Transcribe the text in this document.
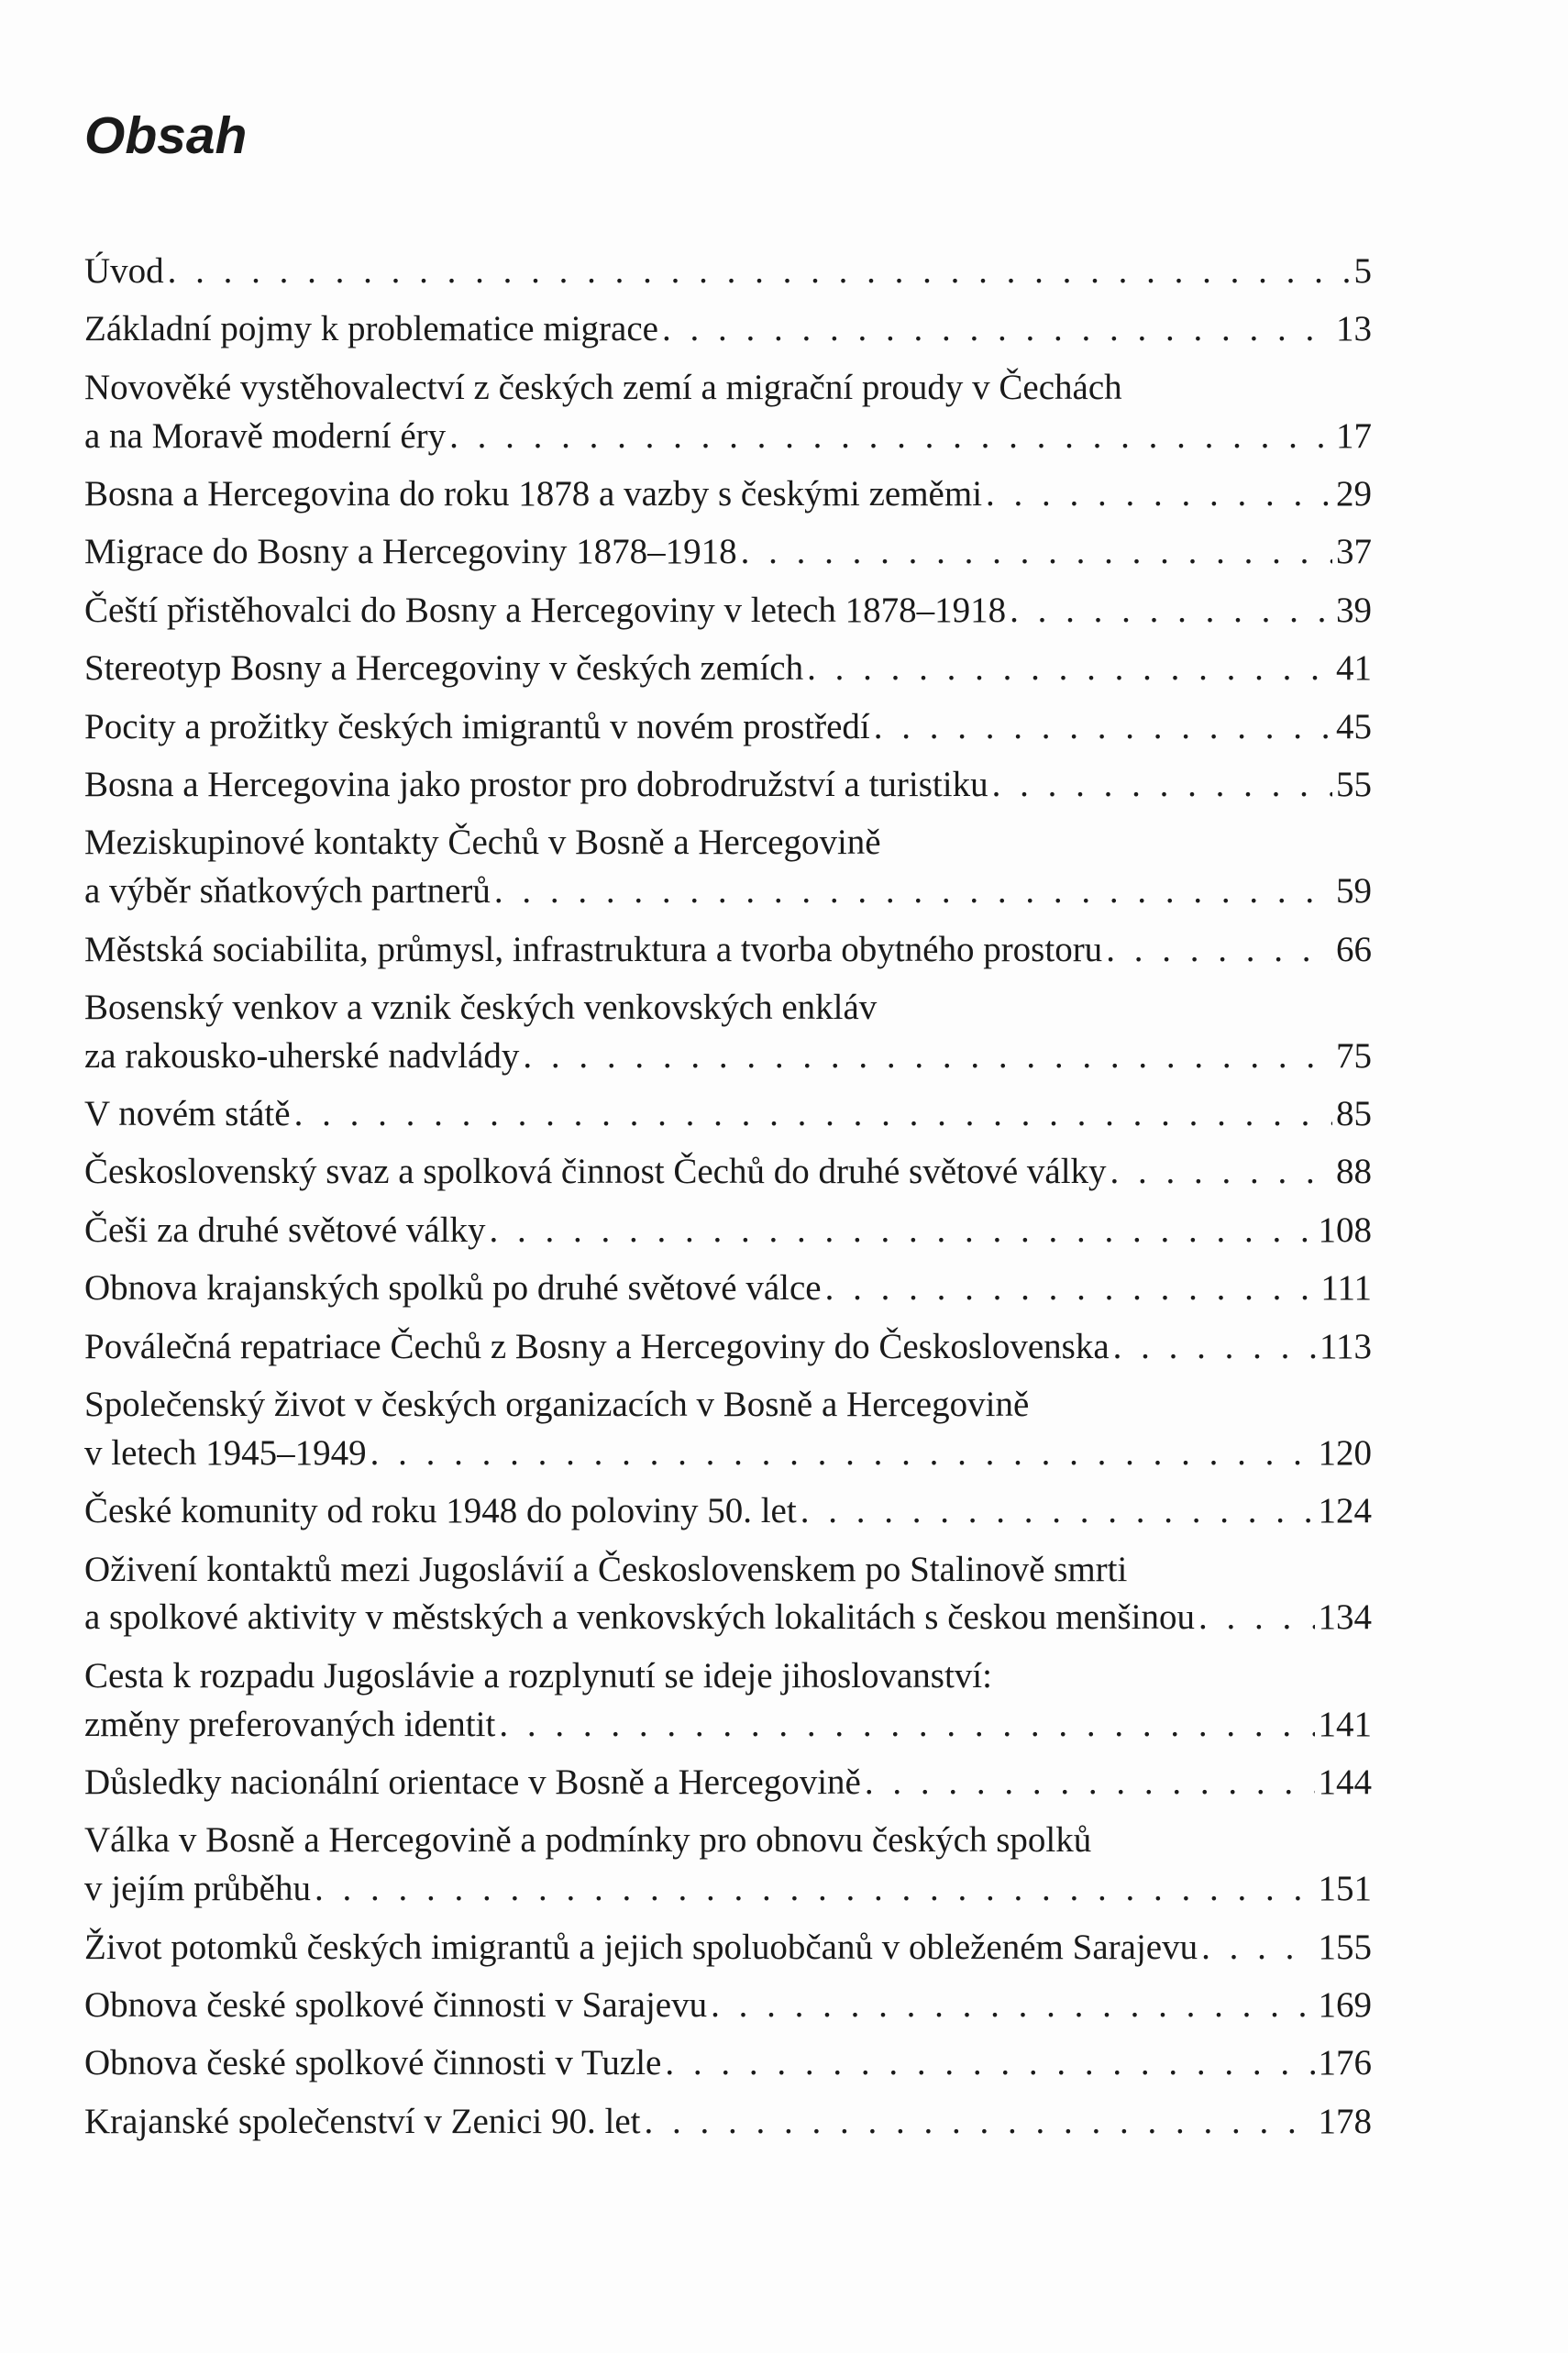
Obsah
Úvod . . .	5
Základní pojmy k problematice migrace . . .	13
Novověké vystěhovalectví z českých zemí a migrační proudy v Čechách
a na Moravě moderní éry . . .	17
Bosna a Hercegovina do roku 1878 a vazby s českými zeměmi . . .	29
Migrace do Bosny a Hercegoviny 1878–1918 . . .	37
Čeští přistěhovalci do Bosny a Hercegoviny v letech 1878–1918 . . .	39
Stereotyp Bosny a Hercegoviny v českých zemích . . .	41
Pocity a prožitky českých imigrantů v novém prostředí . . .	45
Bosna a Hercegovina jako prostor pro dobrodružství a turistiku . . .	55
Meziskupinové kontakty Čechů v Bosně a Hercegovině
a výběr sňatkových partnerů . . .	59
Městská sociabilita, průmysl, infrastruktura a tvorba obytného prostoru . . .	66
Bosenský venkov a vznik českých venkovských enkláv
za rakousko-uherské nadvlády . . .	75
V novém státě . . .	85
Československý svaz a spolková činnost Čechů do druhé světové války . . .	88
Češi za druhé světové války . . .	108
Obnova krajanských spolků po druhé světové válce . . .	111
Poválečná repatriace Čechů z Bosny a Hercegoviny do Československa . . .	113
Společenský život v českých organizacích v Bosně a Hercegovině
v letech 1945–1949 . . .	120
České komunity od roku 1948 do poloviny 50. let . . .	124
Oživení kontaktů mezi Jugoslávií a Československem po Stalinově smrti
a spolkové aktivity v městských a venkovských lokalitách s českou menšinou . . .	134
Cesta k rozpadu Jugoslávie a rozplynutí se ideje jihoslovanství:
změny preferovaných identit . . .	141
Důsledky nacionální orientace v Bosně a Hercegovině . . .	144
Válka v Bosně a Hercegovině a podmínky pro obnovu českých spolků
v jejím průběhu . . .	151
Život potomků českých imigrantů a jejich spoluobčanů v obleženém Sarajevu . . .	155
Obnova české spolkové činnosti v Sarajevu . . .	169
Obnova české spolkové činnosti v Tuzle . . .	176
Krajanské společenství v Zenici 90. let . . .	178
